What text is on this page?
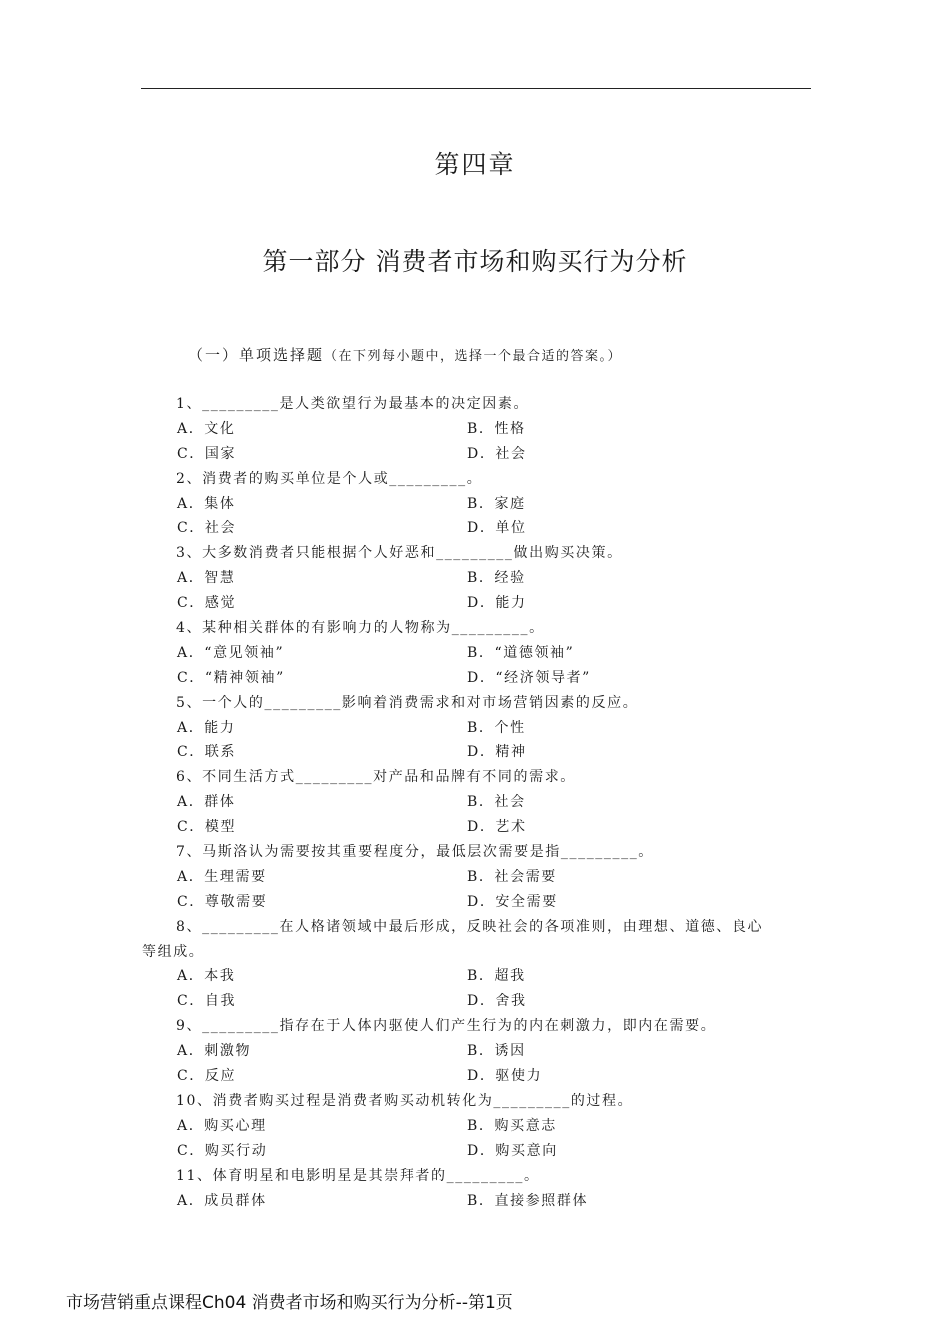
第四章
第一部分 消费者市场和购买行为分析
（一）单项选择题（在下列每小题中，选择一个最合适的答案。）
1、_________是人类欲望行为最基本的决定因素。
A．文化	B．性格
C．国家	D．社会
2、消费者的购买单位是个人或_________。
A．集体	B．家庭
C．社会	D．单位
3、大多数消费者只能根据个人好恶和_________做出购买决策。
A．智慧	B．经验
C．感觉	D．能力
4、某种相关群体的有影响力的人物称为_________。
A．“意见领袖”	B．“道德领袖”
C．“精神领袖”	D．“经济领导者”
5、一个人的_________影响着消费需求和对市场营销因素的反应。
A．能力	B．个性
C．联系	D．精神
6、不同生活方式_________对产品和品牌有不同的需求。
A．群体	B．社会
C．模型	D．艺术
7、马斯洛认为需要按其重要程度分，最低层次需要是指_________。
A．生理需要	B．社会需要
C．尊敬需要	D．安全需要
8、_________在人格诸领域中最后形成，反映社会的各项准则，由理想、道德、良心
等组成。
A．本我	B．超我
C．自我	D．舍我
9、_________指存在于人体内驱使人们产生行为的内在刺激力，即内在需要。
A．刺激物	B．诱因
C．反应	D．驱使力
10、消费者购买过程是消费者购买动机转化为_________的过程。
A．购买心理	B．购买意志
C．购买行动	D．购买意向
11、体育明星和电影明星是其崇拜者的_________。
A．成员群体	B．直接参照群体
市场营销重点课程Ch04 消费者市场和购买行为分析--第1页
